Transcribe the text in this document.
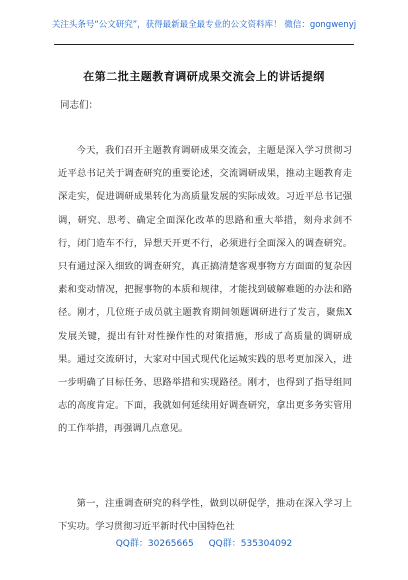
关注头条号“公文研究”，获得最新最全最专业的公文资料库！ 微信：gongwenyj
在第二批主题教育调研成果交流会上的讲话提纲
同志们：

今天，我们召开主题教育调研成果交流会，主题是深入学习贯彻习近平总书记关于调查研究的重要论述，交流调研成果，推动主题教育走深走实，促进调研成果转化为高质量发展的实际成效。习近平总书记强调，研究、思考、确定全面深化改革的思路和重大举措，刻舟求剑不行，闭门造车不行，异想天开更不行，必须进行全面深入的调查研究。只有通过深入细致的调查研究，真正搞清楚客观事物方方面面的复杂因素和变动情况，把握事物的本质和规律，才能找到破解难题的办法和路径。刚才，几位班子成员就主题教育期间领题调研进行了发言，聚焦X发展关键，提出有针对性操作性的对策措施，形成了高质量的调研成果。通过交流研讨，大家对中国式现代化运城实践的思考更加深入，进一步明确了目标任务、思路举措和实现路径。刚才，也得到了指导组同志的高度肯定。下面，我就如何延续用好调查研究，拿出更多务实管用的工作举措，再强调几点意见。

第一，注重调查研究的科学性，做到以研促学，推动在深入学习上下实功。学习贯彻习近平新时代中国特色社

QQ群：30265665 QQ群：535304092
